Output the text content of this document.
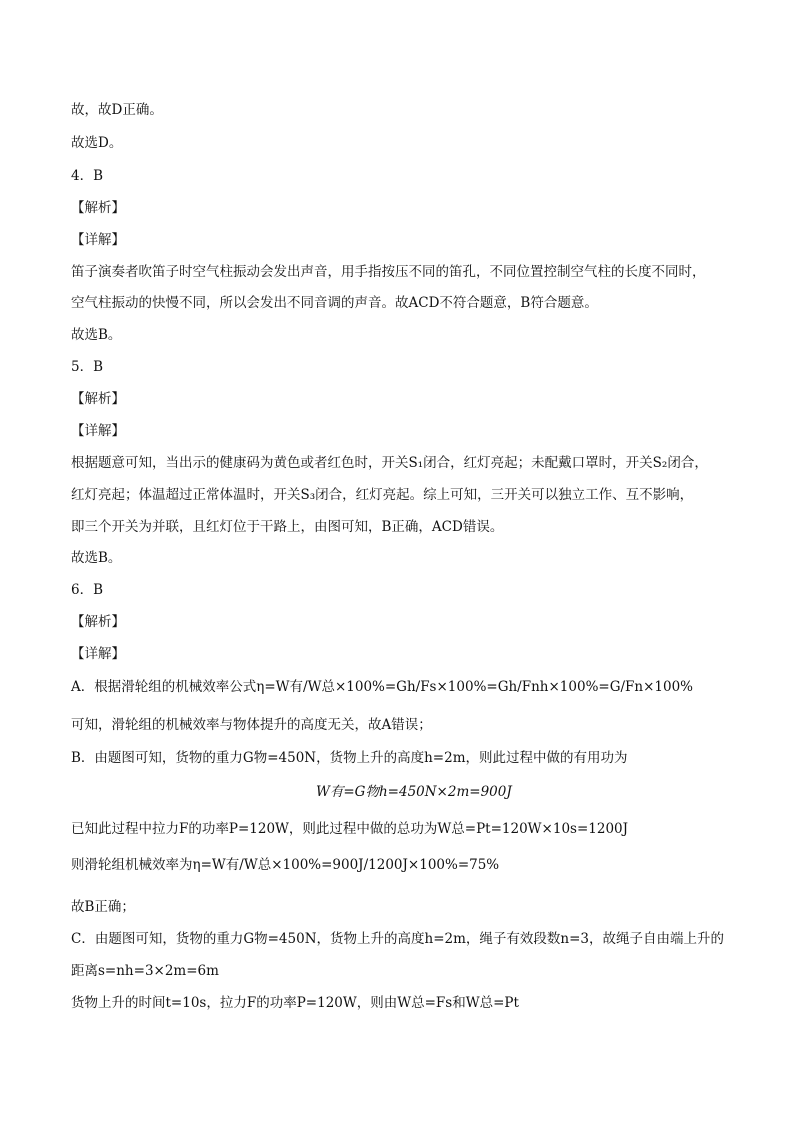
故，故D正确。
故选D。
4．B
【解析】
【详解】
笛子演奏者吹笛子时空气柱振动会发出声音，用手指按压不同的笛孔，不同位置控制空气柱的长度不同时，
空气柱振动的快慢不同，所以会发出不同音调的声音。故ACD不符合题意，B符合题意。
故选B。
5．B
【解析】
【详解】
根据题意可知，当出示的健康码为黄色或者红色时，开关S₁闭合，红灯亮起；未配戴口罩时，开关S₂闭合，
红灯亮起；体温超过正常体温时，开关S₃闭合，红灯亮起。综上可知，三开关可以独立工作、互不影响，
即三个开关为并联，且红灯位于干路上，由图可知，B正确，ACD错误。
故选B。
6．B
【解析】
【详解】
A．根据滑轮组的机械效率公式η=W有/W总×100%=Gh/Fs×100%=Gh/Fnh×100%=G/Fn×100%
可知，滑轮组的机械效率与物体提升的高度无关，故A错误；
B．由题图可知，货物的重力G物=450N，货物上升的高度h=2m，则此过程中做的有用功为
W有=G物h=450N×2m=900J
已知此过程中拉力F的功率P=120W，则此过程中做的总功为W总=Pt=120W×10s=1200J
则滑轮组机械效率为η=W有/W总×100%=900J/1200J×100%=75%
故B正确；
C．由题图可知，货物的重力G物=450N，货物上升的高度h=2m，绳子有效段数n=3，故绳子自由端上升的
距离s=nh=3×2m=6m
货物上升的时间t=10s，拉力F的功率P=120W，则由W总=Fs和W总=Pt
